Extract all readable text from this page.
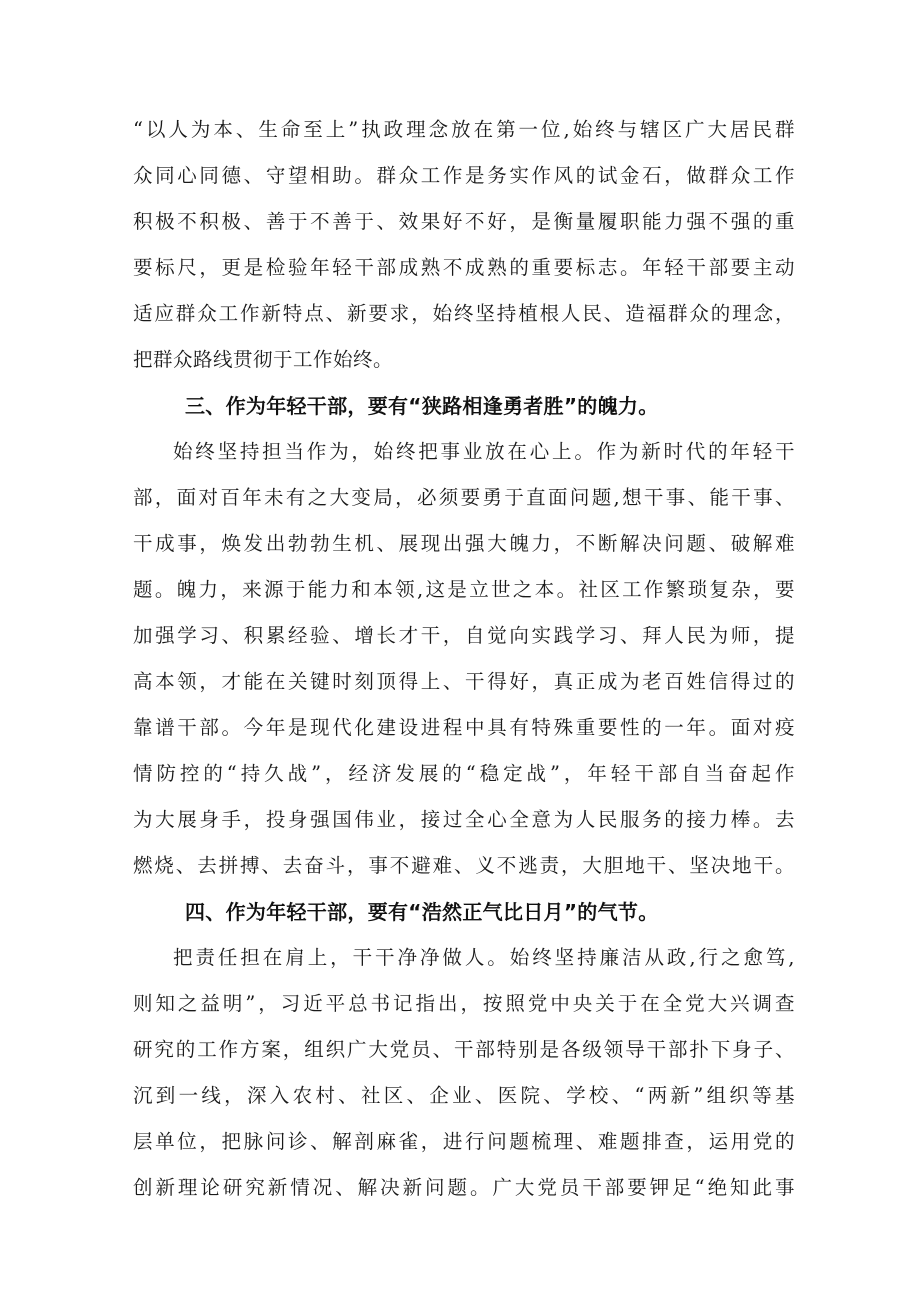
“以人为本、生命至上”执政理念放在第一位,始终与辖区广大居民群
众同心同德、守望相助。群众工作是务实作风的试金石，做群众工作
积极不积极、善于不善于、效果好不好，是衡量履职能力强不强的重
要标尺，更是检验年轻干部成熟不成熟的重要标志。年轻干部要主动
适应群众工作新特点、新要求，始终坚持植根人民、造福群众的理念，
把群众路线贯彻于工作始终。
三、作为年轻干部，要有“狭路相逢勇者胜”的魄力。
始终坚持担当作为，始终把事业放在心上。作为新时代的年轻干
部，面对百年未有之大变局，必须要勇于直面问题,想干事、能干事、
干成事，焕发出勃勃生机、展现出强大魄力，不断解决问题、破解难
题。魄力，来源于能力和本领,这是立世之本。社区工作繁琐复杂，要
加强学习、积累经验、增长才干，自觉向实践学习、拜人民为师，提
高本领，才能在关键时刻顶得上、干得好，真正成为老百姓信得过的
靠谱干部。今年是现代化建设进程中具有特殊重要性的一年。面对疫
情防控的“持久战”，经济发展的“稳定战”，年轻干部自当奋起作
为大展身手，投身强国伟业，接过全心全意为人民服务的接力棒。去
燃烧、去拼搏、去奋斗，事不避难、义不逃责，大胆地干、坚决地干。
四、作为年轻干部，要有“浩然正气比日月”的气节。
把责任担在肩上，干干净净做人。始终坚持廉洁从政,行之愈笃,
则知之益明”，习近平总书记指出，按照党中央关于在全党大兴调查
研究的工作方案，组织广大党员、干部特别是各级领导干部扑下身子、
沉到一线，深入农村、社区、企业、医院、学校、“两新”组织等基
层单位，把脉问诊、解剖麻雀，进行问题梳理、难题排查，运用党的
创新理论研究新情况、解决新问题。广大党员干部要钾足“绝知此事
